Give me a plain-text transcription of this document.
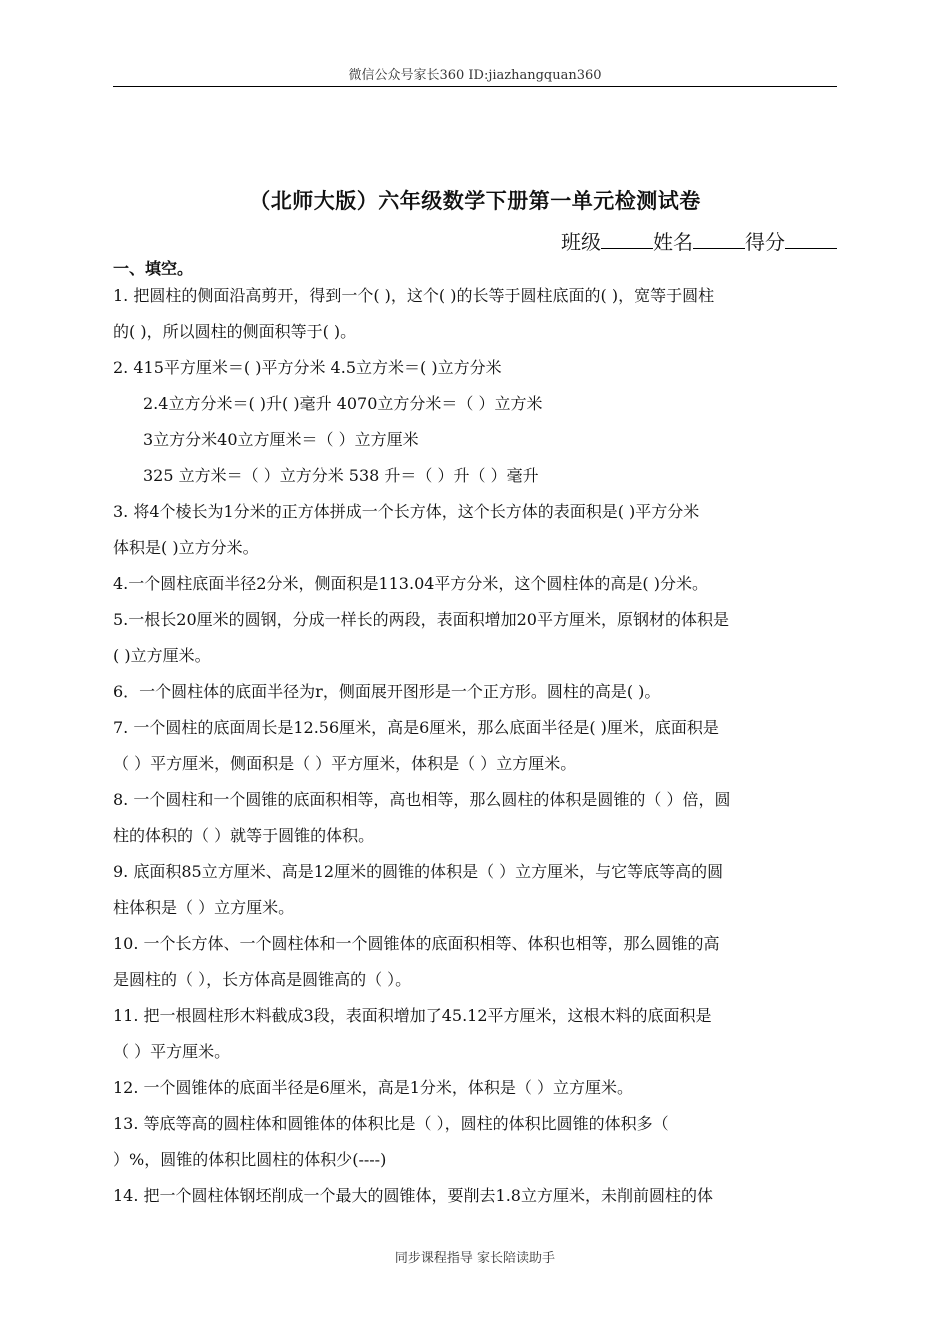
微信公众号家长360 ID:jiazhangquan360
（北师大版）六年级数学下册第一单元检测试卷
班级	姓名	得分
一、填空。

1. 把圆柱的侧面沿高剪开，得到一个( )，这个( )的长等于圆柱底面的( )，宽等于圆柱

的( )，所以圆柱的侧面积等于( )。

2. 415平方厘米＝( )平方分米 4.5立方米＝( )立方分米

2.4立方分米＝( )升( )毫升 4070立方分米＝（ ）立方米

3立方分米40立方厘米＝（ ）立方厘米

325 立方米＝（ ）立方分米 538 升＝（ ）升（ ）毫升

3. 将4个棱长为1分米的正方体拼成一个长方体，这个长方体的表面积是( )平方分米

体积是( )立方分米。

4.一个圆柱底面半径2分米，侧面积是113.04平方分米，这个圆柱体的高是( )分米。

5.一根长20厘米的圆钢，分成一样长的两段，表面积增加20平方厘米，原钢材的体积是

( )立方厘米。

6．一个圆柱体的底面半径为r，侧面展开图形是一个正方形。圆柱的高是( )。

7. 一个圆柱的底面周长是12.56厘米，高是6厘米，那么底面半径是( )厘米，底面积是

（ ）平方厘米，侧面积是（ ）平方厘米，体积是（ ）立方厘米。

8. 一个圆柱和一个圆锥的底面积相等，高也相等，那么圆柱的体积是圆锥的（ ）倍，圆

柱的体积的（ ）就等于圆锥的体积。

9. 底面积85立方厘米、高是12厘米的圆锥的体积是（ ）立方厘米，与它等底等高的圆

柱体积是（ ）立方厘米。

10. 一个长方体、一个圆柱体和一个圆锥体的底面积相等、体积也相等，那么圆锥的高

是圆柱的（ ），长方体高是圆锥高的（ ）。

11. 把一根圆柱形木料截成3段，表面积增加了45.12平方厘米，这根木料的底面积是

（ ）平方厘米。

12. 一个圆锥体的底面半径是6厘米，高是1分米，体积是（ ）立方厘米。

13. 等底等高的圆柱体和圆锥体的体积比是（ ），圆柱的体积比圆锥的体积多（

）%，圆锥的体积比圆柱的体积少(----)

14. 把一个圆柱体钢坯削成一个最大的圆锥体，要削去1.8立方厘米，未削前圆柱的体

同步课程指导 家长陪读助手
